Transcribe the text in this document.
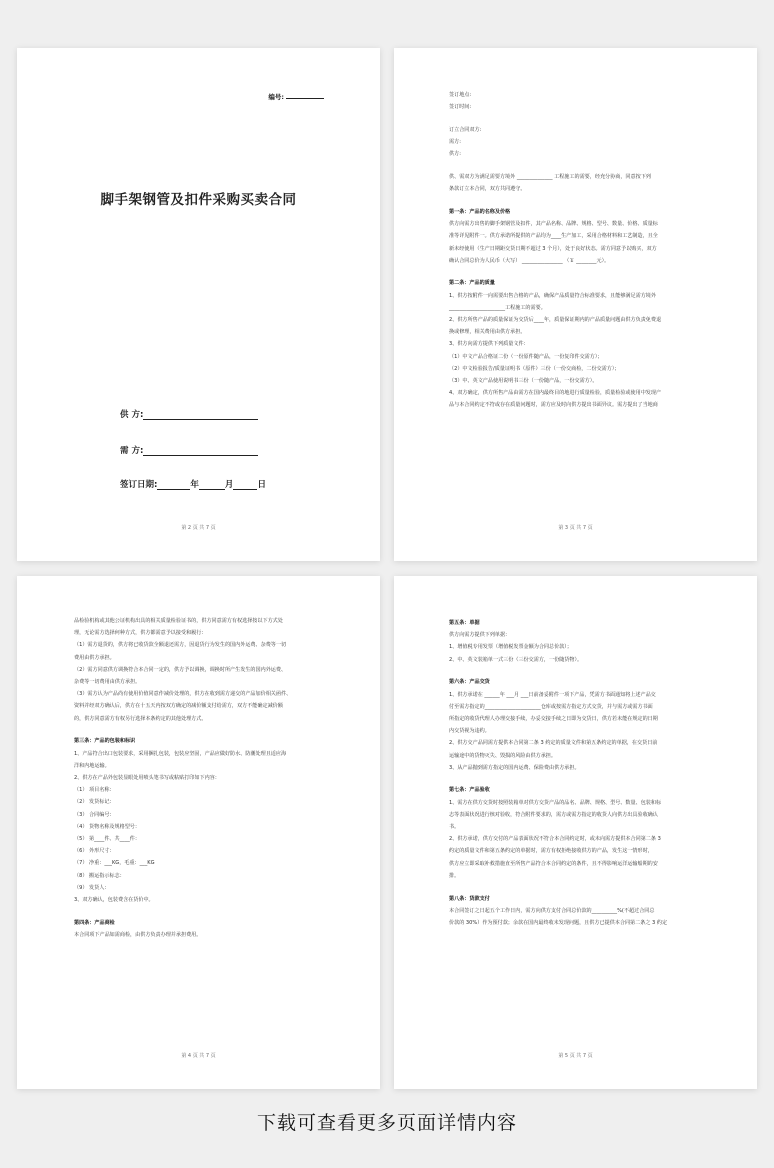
编号:
脚手架钢管及扣件采购买卖合同
供 方:
需 方:
签订日期:	年	月	日
第 2 页 共 7 页

签订地点:

签订时间:

订立合同双方:

需方:

供方:

供、需双方为满足需要方境外 ______________ 工程施工的需要，经充分协商，同意按下列

条款订立本合同，双方共同遵守。

第一条：产品的名称及价格

供方向需方出售的脚手架钢管及扣件，其产品名称、品牌、规格、型号、数量、价格、质量标

准等详见附件一。供方承诺所提供的产品均为____生产加工，采用合格材料和工艺制造，且全

新未经使用（生产日期距交货日期不超过 3 个月），处于良好状态。需方同意予以购买，双方

确认合同总价为人民币（大写） ________________ （￥ ________元）。

第二条：产品的质量

1、供方按附件一向需要出售合格的产品，确保产品质量符合标准要求，且能够满足需方境外

______________________工程施工的需要。

2、供方所售产品的质量保证为交货后____年，质量保证期内的产品质量问题由供方负责免费退

换或修理，相关费用由供方承担。

3、供方向需方提供下列质量文件：

（1）中文产品合格证二份（一份原件随产品，一份复印件交需方）；

（2）中文检验报告/质量证明书（原件）三份（一份交商检，二份交需方）；

（3）中、英文产品使用说明书三份（一份随产品，一份交需方）。

4、双方确定，供方所售产品由需方在国内最终目的地进行质量检验，质量检验或使用中发现产

品与本合同约定不符或存在质量问题时，需方应及时向供方提出书面异议。需方提出了当地商

第 3 页 共 7 页

品检验机构或其他公证机构出具的相关质量检验证书的，供方同意需方有权选择按以下方式处

理，无论需方选择何种方式，供方都需意予以接受和履行：

（1）需方退货的，供方将已收货款全额退还需方，因退货行为发生的国内外运费、杂费等一切

费用由供方承担。

（2）需方同意供方调换符合本合同一定的，供方予以调换，调换时所产生发生的国内外运费、

杂费等一切费用由供方承担。

（3）需方认为产品尚有使用价值同意作减价处理的，供方在收到需方递交的产品加价相关函件、

资料并经双方确认后，供方在十五天内按双方确定的减价额支付给需方，双方不能确定减价额

的，供方同意需方有权另行选择本条约定的其他处理方式。

第三条：产品的包装和标识

1、产品符合出口包装要求，采用捆扎包装，包装应坚固，产品应做好防水、防潮处理且适应海

洋和内地运输。

2、供方在产品外包装显眼处用喷头笔书写或粘贴打印如下内容：

（1） 项目名称：

（2） 发货标记：

（3） 合同编号：

（4） 货物名称及规格型号：

（5） 第____件、共____件：

（6） 外形尺寸：

（7） 净重：___KG，毛重：___KG

（8） 搬运指示标志：

（9） 发货人：

3、双方确认，包装费含在货价中。

第四条：产品商检

本合同项下产品如需商检，由供方负责办理并承担费用。

第 4 页 共 7 页

第五条：单据

供方向需方提供下列单据：

1、增值税专用发票（增值税发票金额为合同总价款）；

2、中、英文装箱单一式三份（三份交需方，一份随货物）。

第六条：产品交货

1、供方承诺在 ______年 ___月 ___日前备妥附件一项下产品，凭需方书面通知将上述产品交

付至需方指定的______________________仓库或按需方指定方式交货，并与需方或需方书面

所指定的收货代理人办理交接手续，办妥交接手续之日即为交货日，供方若未能在规定的日期

内交货视为违约。

2、供方交产品同需方提供本合同第二条 3 约定的质量文件和第五条约定的单据，在交货日前

运输途中的货物灭失、毁损的风险由供方承担。

3、从产品抛到需方指定的国内运费、保险费由供方承担。

第七条：产品验收

1、需方在供方交货时按照装箱单对供方交货产品的品名、品牌、规格、型号、数量、包装和标

志等表面状况进行核对验收，符合附件要求的，需方或需方指定的收货人向供方出具验收确认

书。

2、供方承诺，供方交付的产品表面状况不符合本合同约定时，或未向需方提供本合同第二条 3

约定的质量文件和第五条约定的单据时，需方有权拒绝接收供方的产品，发生这一情形时，

供方应立即采取补救措施直至所售产品符合本合同约定的条件，且不得影响运洋运输船期的安

排。

第八条：货款支付

本合同签订之日起五个工作日内，需方向供方支付合同总价款的__________%(不超过合同总

价款的 30%）作为预付款；余款在国内最终收未发现问题，且供方已提供本合同第二条之 3 约定

第 5 页 共 7 页
下载可查看更多页面详情内容
